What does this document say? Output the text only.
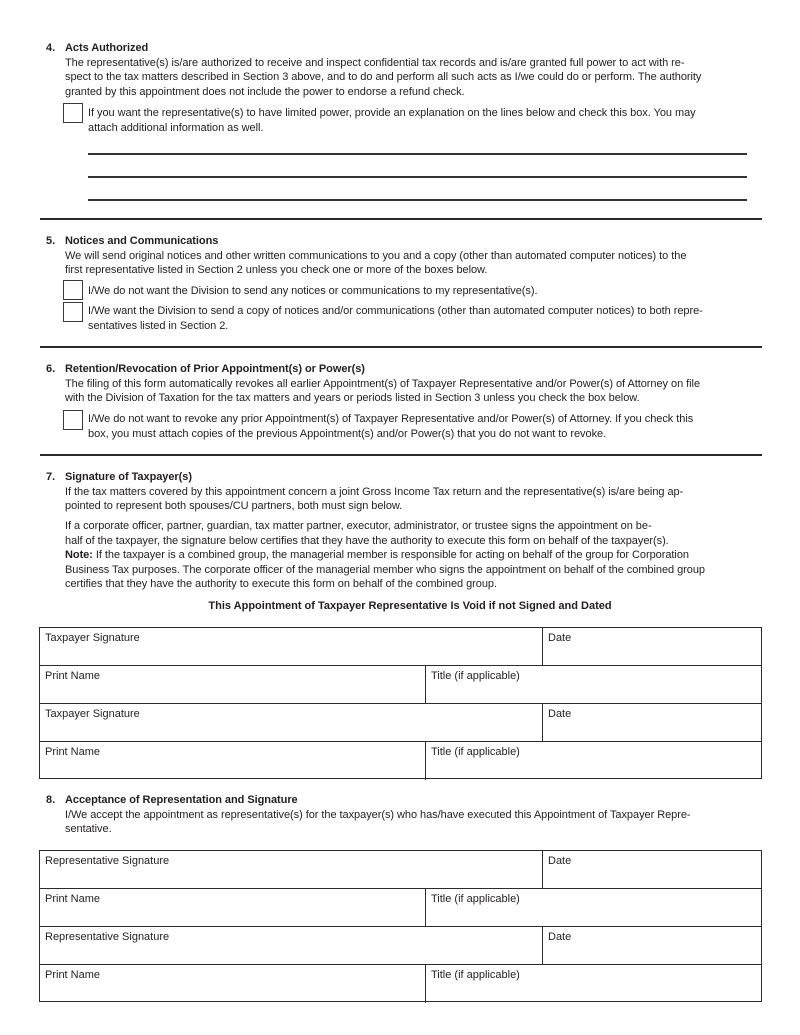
4. Acts Authorized
The representative(s) is/are authorized to receive and inspect confidential tax records and is/are granted full power to act with re-
spect to the tax matters described in Section 3 above, and to do and perform all such acts as I/we could do or perform. The authority
granted by this appointment does not include the power to endorse a refund check.
If you want the representative(s) to have limited power, provide an explanation on the lines below and check this box. You may
attach additional information as well.
5. Notices and Communications
We will send original notices and other written communications to you and a copy (other than automated computer notices) to the
first representative listed in Section 2 unless you check one or more of the boxes below.
I/We do not want the Division to send any notices or communications to my representative(s).
I/We want the Division to send a copy of notices and/or communications (other than automated computer notices) to both repre-
sentatives listed in Section 2.
6. Retention/Revocation of Prior Appointment(s) or Power(s)
The filing of this form automatically revokes all earlier Appointment(s) of Taxpayer Representative and/or Power(s) of Attorney on file
with the Division of Taxation for the tax matters and years or periods listed in Section 3 unless you check the box below.
I/We do not want to revoke any prior Appointment(s) of Taxpayer Representative and/or Power(s) of Attorney. If you check this
box, you must attach copies of the previous Appointment(s) and/or Power(s) that you do not want to revoke.
7. Signature of Taxpayer(s)
If the tax matters covered by this appointment concern a joint Gross Income Tax return and the representative(s) is/are being ap-
pointed to represent both spouses/CU partners, both must sign below.
If a corporate officer, partner, guardian, tax matter partner, executor, administrator, or trustee signs the appointment on be-
half of the taxpayer, the signature below certifies that they have the authority to execute this form on behalf of the taxpayer(s).
Note: If the taxpayer is a combined group, the managerial member is responsible for acting on behalf of the group for Corporation
Business Tax purposes. The corporate officer of the managerial member who signs the appointment on behalf of the combined group
certifies that they have the authority to execute this form on behalf of the combined group.
This Appointment of Taxpayer Representative Is Void if not Signed and Dated
Taxpayer Signature	Date
Print Name	Title (if applicable)
Taxpayer Signature	Date
Print Name	Title (if applicable)
8. Acceptance of Representation and Signature
I/We accept the appointment as representative(s) for the taxpayer(s) who has/have executed this Appointment of Taxpayer Repre-
sentative.
Representative Signature	Date
Print Name	Title (if applicable)
Representative Signature	Date
Print Name	Title (if applicable)
